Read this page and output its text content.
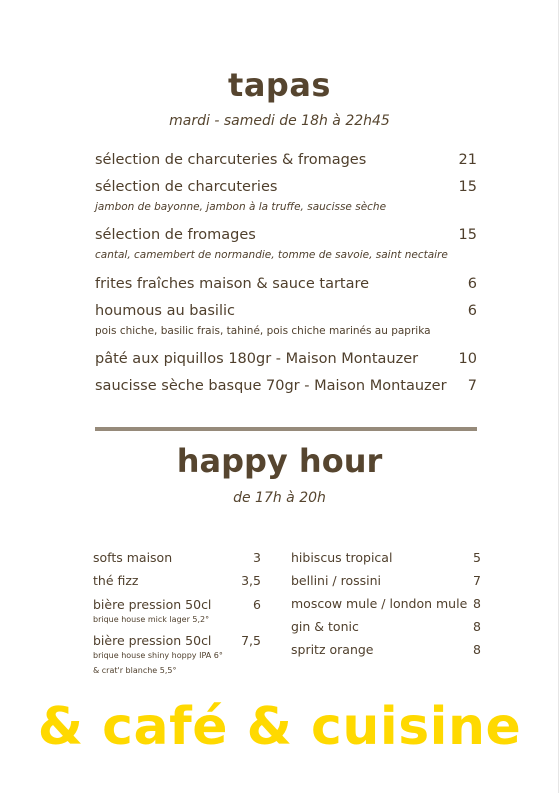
tapas
mardi - samedi de 18h à 22h45
sélection de charcuteries & fromages	21
sélection de charcuteries	15
jambon de bayonne, jambon à la truffe, saucisse sèche
sélection de fromages	15
cantal, camembert de normandie, tomme de savoie, saint nectaire
frites fraîches maison & sauce tartare	6
houmous au basilic	6
pois chiche, basilic frais, tahiné, pois chiche marinés au paprika
pâté aux piquillos 180gr - Maison Montauzer	10
saucisse sèche basque 70gr - Maison Montauzer	7
happy hour
de 17h à 20h
softs maison	3
thé fizz	3,5
bière pression 50cl	6
brique house mick lager 5,2°
bière pression 50cl	7,5
brique house shiny hoppy IPA 6°
& crat'r blanche 5,5°
hibiscus tropical	5
bellini / rossini	7
moscow mule / london mule 8
gin & tonic	8
spritz orange	8
& café & cuisine
